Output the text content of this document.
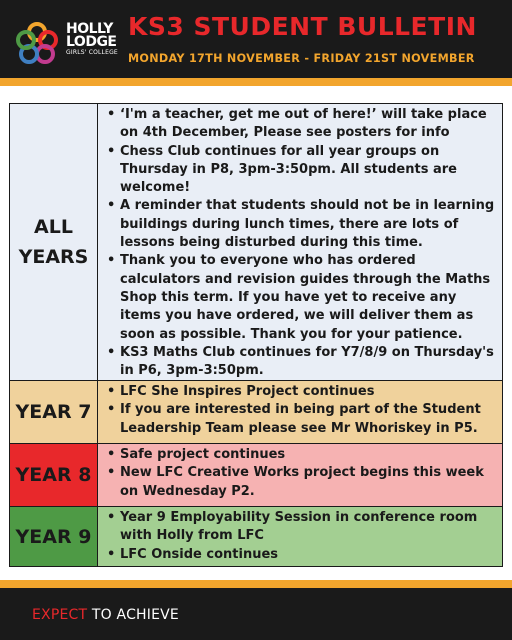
HOLLY
LODGE
GIRLS' COLLEGE
KS3 STUDENT BULLETIN
MONDAY 17TH NOVEMBER - FRIDAY 21ST NOVEMBER
ALL
YEARS
• ‘I'm a teacher, get me out of here!’ will take place on 4th December, Please see posters for info
• Chess Club continues for all year groups on Thursday in P8, 3pm-3:50pm. All students are welcome!
• A reminder that students should not be in learning buildings during lunch times, there are lots of lessons being disturbed during this time.
• Thank you to everyone who has ordered calculators and revision guides through the Maths Shop this term. If you have yet to receive any items you have ordered, we will deliver them as soon as possible. Thank you for your patience.
• KS3 Maths Club continues for Y7/8/9 on Thursday's in P6, 3pm-3:50pm.
YEAR 7
• LFC She Inspires Project continues
• If you are interested in being part of the Student Leadership Team please see Mr Whoriskey in P5.
YEAR 8
• Safe project continues
• New LFC Creative Works project begins this week on Wednesday P2.
YEAR 9
• Year 9 Employability Session in conference room with Holly from LFC
• LFC Onside continues
EXPECT TO ACHIEVE
